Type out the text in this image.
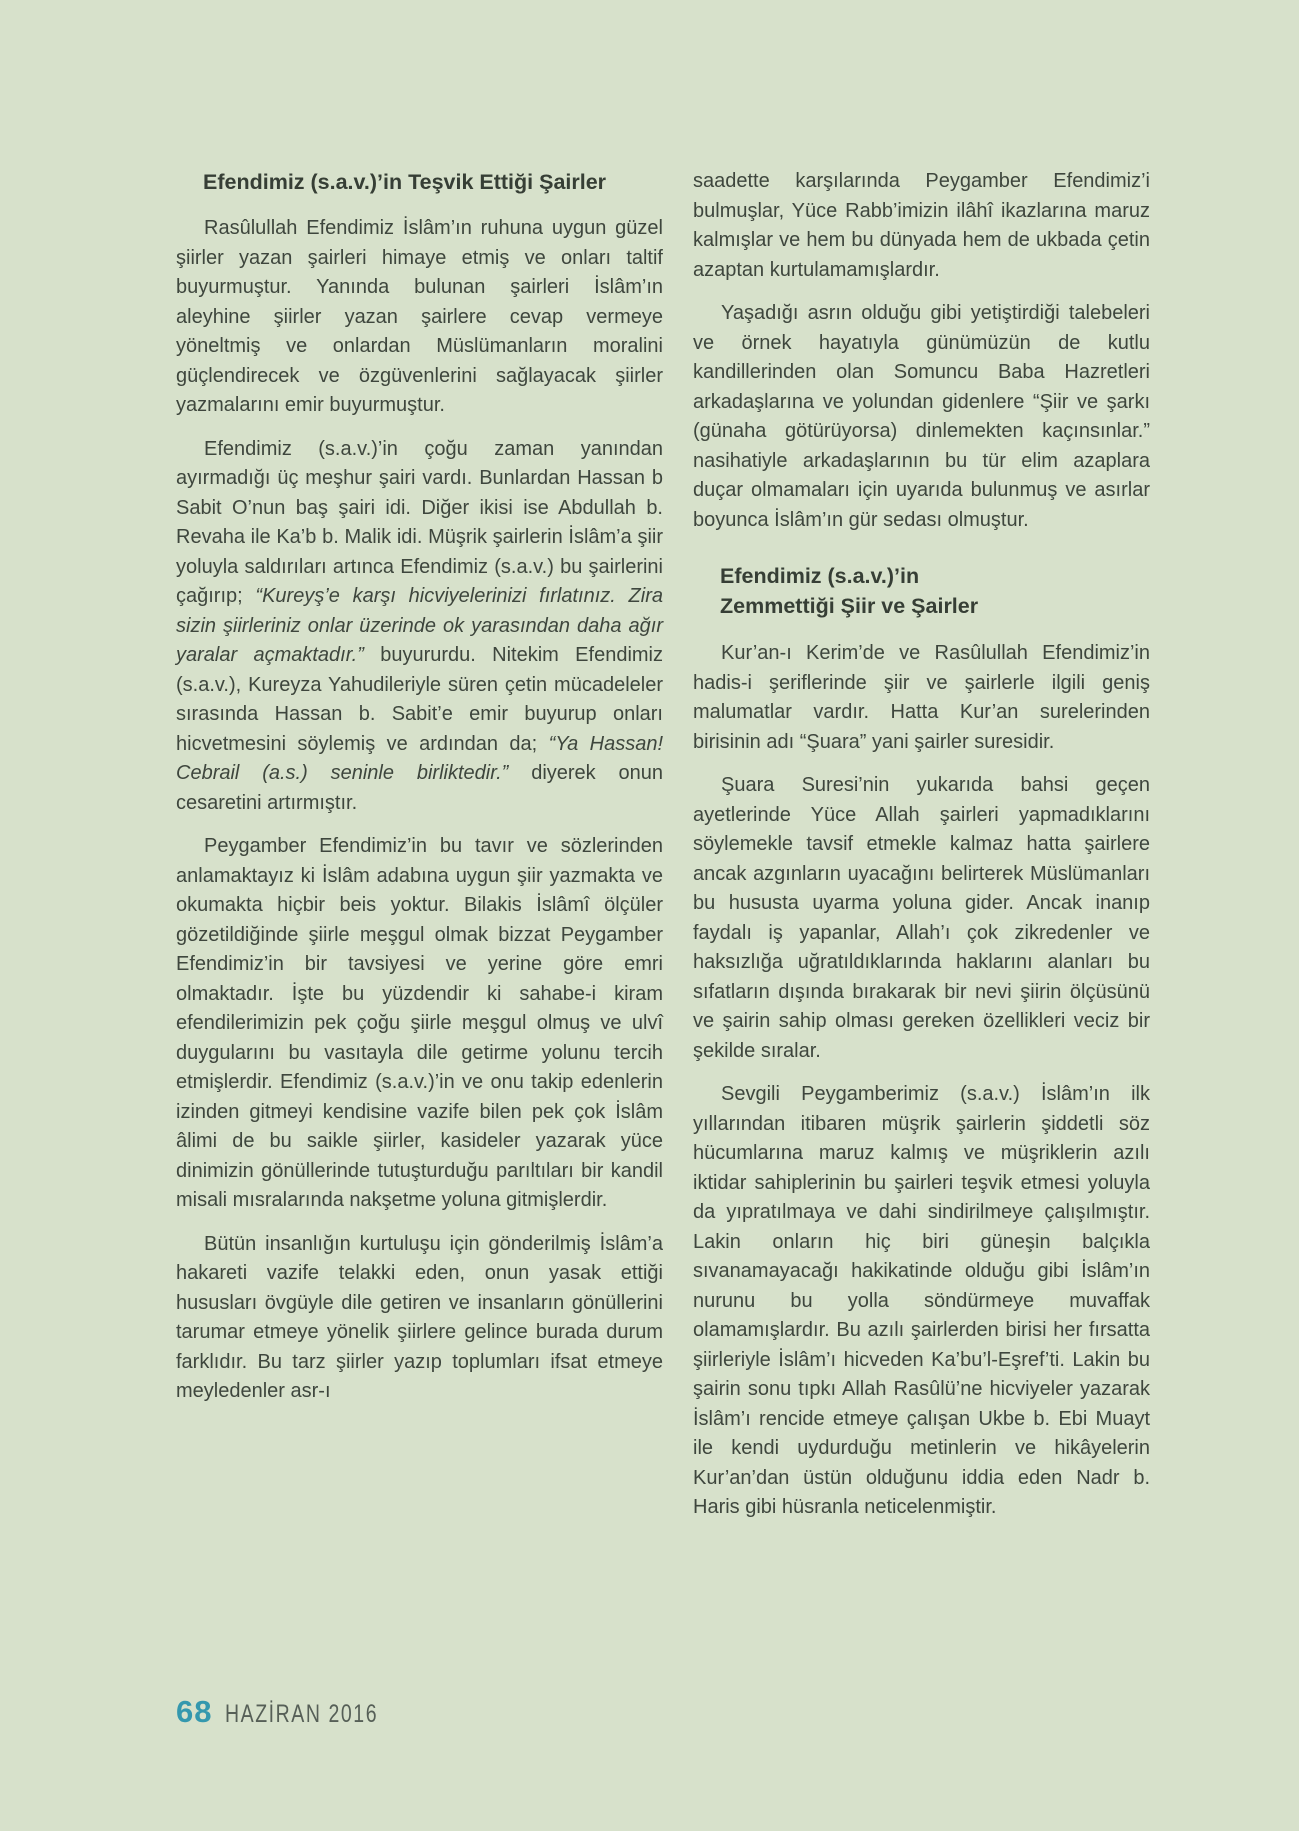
Efendimiz (s.a.v.)’in Teşvik Ettiği Şairler

Rasûlullah Efendimiz İslâm’ın ruhuna uygun güzel şiirler yazan şairleri himaye etmiş ve onları taltif buyurmuştur. Yanında bulunan şairleri İslâm’ın aleyhine şiirler yazan şairlere cevap vermeye yöneltmiş ve onlardan Müslümanların moralini güçlendirecek ve özgüvenlerini sağlayacak şiirler yazmalarını emir buyurmuştur.

Efendimiz (s.a.v.)’in çoğu zaman yanından ayırmadığı üç meşhur şairi vardı. Bunlardan Hassan b Sabit O’nun baş şairi idi. Diğer ikisi ise Abdullah b. Revaha ile Ka’b b. Malik idi. Müşrik şairlerin İslâm’a şiir yoluyla saldırıları artınca Efendimiz (s.a.v.) bu şairlerini çağırıp; “Kureyş’e karşı hicviyelerinizi fırlatınız. Zira sizin şiirleriniz onlar üzerinde ok yarasından daha ağır yaralar açmaktadır.” buyururdu. Nitekim Efendimiz (s.a.v.), Kureyza Yahudileriyle süren çetin mücadeleler sırasında Hassan b. Sabit’e emir buyurup onları hicvetmesini söylemiş ve ardından da; “Ya Hassan! Cebrail (a.s.) seninle birliktedir.” diyerek onun cesaretini artırmıştır.

Peygamber Efendimiz’in bu tavır ve sözlerinden anlamaktayız ki İslâm adabına uygun şiir yazmakta ve okumakta hiçbir beis yoktur. Bilakis İslâmî ölçüler gözetildiğinde şiirle meşgul olmak bizzat Peygamber Efendimiz’in bir tavsiyesi ve yerine göre emri olmaktadır. İşte bu yüzdendir ki sahabe-i kiram efendilerimizin pek çoğu şiirle meşgul olmuş ve ulvî duygularını bu vasıtayla dile getirme yolunu tercih etmişlerdir. Efendimiz (s.a.v.)’in ve onu takip edenlerin izinden gitmeyi kendisine vazife bilen pek çok İslâm âlimi de bu saikle şiirler, kasideler yazarak yüce dinimizin gönüllerinde tutuşturduğu parıltıları bir kandil misali mısralarında nakşetme yoluna gitmişlerdir.

Bütün insanlığın kurtuluşu için gönderilmiş İslâm’a hakareti vazife telakki eden, onun yasak ettiği hususları övgüyle dile getiren ve insanların gönüllerini tarumar etmeye yönelik şiirlere gelince burada durum farklıdır. Bu tarz şiirler yazıp toplumları ifsat etmeye meyledenler asr-ı

saadette karşılarında Peygamber Efendimiz’i bulmuşlar, Yüce Rabb’imizin ilâhî ikazlarına maruz kalmışlar ve hem bu dünyada hem de ukbada çetin azaptan kurtulamamışlardır.

Yaşadığı asrın olduğu gibi yetiştirdiği talebeleri ve örnek hayatıyla günümüzün de kutlu kandillerinden olan Somuncu Baba Hazretleri arkadaşlarına ve yolundan gidenlere “Şiir ve şarkı (günaha götürüyorsa) dinlemekten kaçınsınlar.” nasihatiyle arkadaşlarının bu tür elim azaplara duçar olmamaları için uyarıda bulunmuş ve asırlar boyunca İslâm’ın gür sedası olmuştur.

Efendimiz (s.a.v.)’in
Zemmettiği Şiir ve Şairler

Kur’an-ı Kerim’de ve Rasûlullah Efendimiz’in hadis-i şeriflerinde şiir ve şairlerle ilgili geniş malumatlar vardır. Hatta Kur’an surelerinden birisinin adı “Şuara” yani şairler suresidir.

Şuara Suresi’nin yukarıda bahsi geçen ayetlerinde Yüce Allah şairleri yapmadıklarını söylemekle tavsif etmekle kalmaz hatta şairlere ancak azgınların uyacağını belirterek Müslümanları bu hususta uyarma yoluna gider. Ancak inanıp faydalı iş yapanlar, Allah’ı çok zikredenler ve haksızlığa uğratıldıklarında haklarını alanları bu sıfatların dışında bırakarak bir nevi şiirin ölçüsünü ve şairin sahip olması gereken özellikleri veciz bir şekilde sıralar.

Sevgili Peygamberimiz (s.a.v.) İslâm’ın ilk yıllarından itibaren müşrik şairlerin şiddetli söz hücumlarına maruz kalmış ve müşriklerin azılı iktidar sahiplerinin bu şairleri teşvik etmesi yoluyla da yıpratılmaya ve dahi sindirilmeye çalışılmıştır. Lakin onların hiç biri güneşin balçıkla sıvanamayacağı hakikatinde olduğu gibi İslâm’ın nurunu bu yolla söndürmeye muvaffak olamamışlardır. Bu azılı şairlerden birisi her fırsatta şiirleriyle İslâm’ı hicveden Ka’bu’l-Eşref’ti. Lakin bu şairin sonu tıpkı Allah Rasûlü’ne hicviyeler yazarak İslâm’ı rencide etmeye çalışan Ukbe b. Ebi Muayt ile kendi uydurduğu metinlerin ve hikâyelerin Kur’an’dan üstün olduğunu iddia eden Nadr b. Haris gibi hüsranla neticelenmiştir.

68 HAZİRAN 2016
